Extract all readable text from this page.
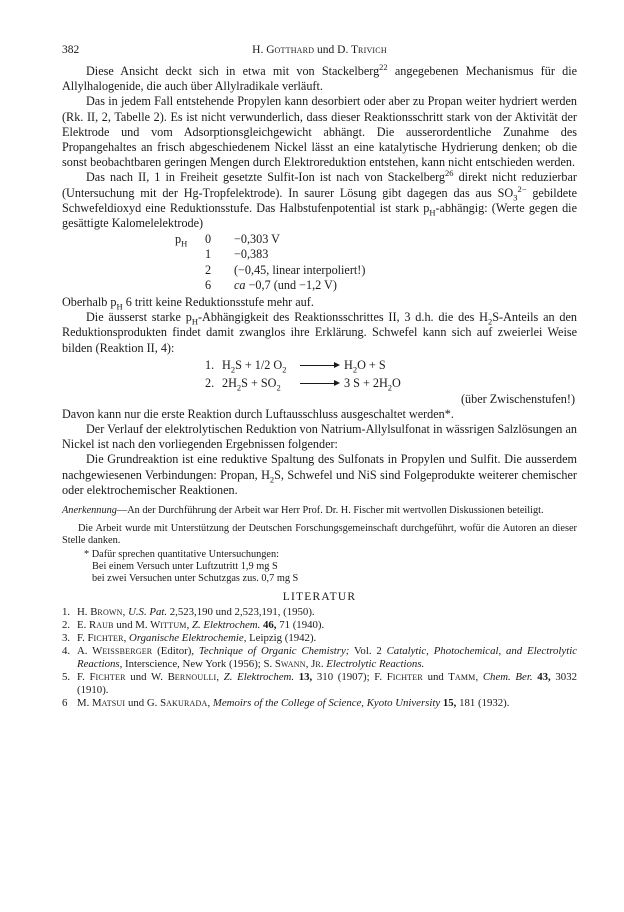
382	H. Gotthard und D. Trivich

Diese Ansicht deckt sich in etwa mit von Stackelberg$^{22}$ angegebenen Mechanismus für die Allylhalogenide, die auch über Allylradikale verläuft.

Das in jedem Fall entstehende Propylen kann desorbiert oder aber zu Propan weiter hydriert werden (Rk. II, 2, Tabelle 2). Es ist nicht verwunderlich, dass dieser Reaktionsschritt stark von der Aktivität der Elektrode und vom Adsorptionsgleichgewicht abhängt. Die ausserordentliche Zunahme des Propangehaltes an frisch abgeschiedenem Nickel lässt an eine katalytische Hydrierung denken; ob die sonst beobachtbaren geringen Mengen durch Elektroreduktion entstehen, kann nicht entschieden werden.

Das nach II, 1 in Freiheit gesetzte Sulfit-Ion ist nach von Stackelberg$^{26}$ direkt nicht reduzierbar (Untersuchung mit der Hg-Tropfelektrode). In saurer Lösung gibt dagegen das aus $SO_3^{2-}$ gebildete Schwefeldioxyd eine Reduktionsstufe. Das Halbstufenpotential ist stark $p_H$-abhängig: (Werte gegen die gesättigte Kalomelelektrode)

$p_H$ 0 −0,303 V
1 −0,383
2 (−0,45, linear interpoliert!)
6 ca −0,7 (und −1,2 V)

Oberhalb $p_H$ 6 tritt keine Reduktionsstufe mehr auf.

Die äusserst starke $p_H$-Abhängigkeit des Reaktionsschrittes II, 3 d.h. die des $H_2S$-Anteils an den Reduktionsprodukten findet damit zwanglos ihre Erklärung. Schwefel kann sich auf zweierlei Weise bilden (Reaktion II, 4):

1. $H_2S + 1/2$ $O_2$	$H_2O + S$
2. $2H_2S + SO_2$	3 $S + 2H_2O$
(über Zwischenstufen!)

Davon kann nur die erste Reaktion durch Luftausschluss ausgeschaltet werden*.

Der Verlauf der elektrolytischen Reduktion von Natrium-Allylsulfonat in wässrigen Salzlösungen an Nickel ist nach den vorliegenden Ergebnissen folgender:

Die Grundreaktion ist eine reduktive Spaltung des Sulfonats in Propylen und Sulfit. Die ausserdem nachgewiesenen Verbindungen: Propan, $H_2S$, Schwefel und NiS sind Folgeprodukte weiterer chemischer oder elektrochemischer Reaktionen.

Anerkennung—An der Durchführung der Arbeit war Herr Prof. Dr. H. Fischer mit wertvollen Diskussionen beteiligt.

Die Arbeit wurde mit Unterstützung der Deutschen Forschungsgemeinschaft durchgeführt, wofür die Autoren an dieser Stelle danken.

* Dafür sprechen quantitative Untersuchungen:
Bei einem Versuch unter Luftzutritt 1,9 mg S
bei zwei Versuchen unter Schutzgas zus. 0,7 mg S
LITERATUR
1. H. Brown, U.S. Pat. 2,523,190 und 2,523,191, (1950).
2. E. Raub und M. Wittum, Z. Elektrochem. 46, 71 (1940).
3. F. Fichter, Organische Elektrochemie, Leipzig (1942).
4. A. Weissberger (Editor), Technique of Organic Chemistry; Vol. 2 Catalytic, Photochemical, and Electrolytic Reactions, Interscience, New York (1956); S. Swann, Jr. Electrolytic Reactions.
5. F. Fichter und W. Bernoulli, Z. Elektrochem. 13, 310 (1907); F. Fichter und Tamm, Chem. Ber. 43, 3032 (1910).
6 M. Matsui und G. Sakurada, Memoirs of the College of Science, Kyoto University 15, 181 (1932).
